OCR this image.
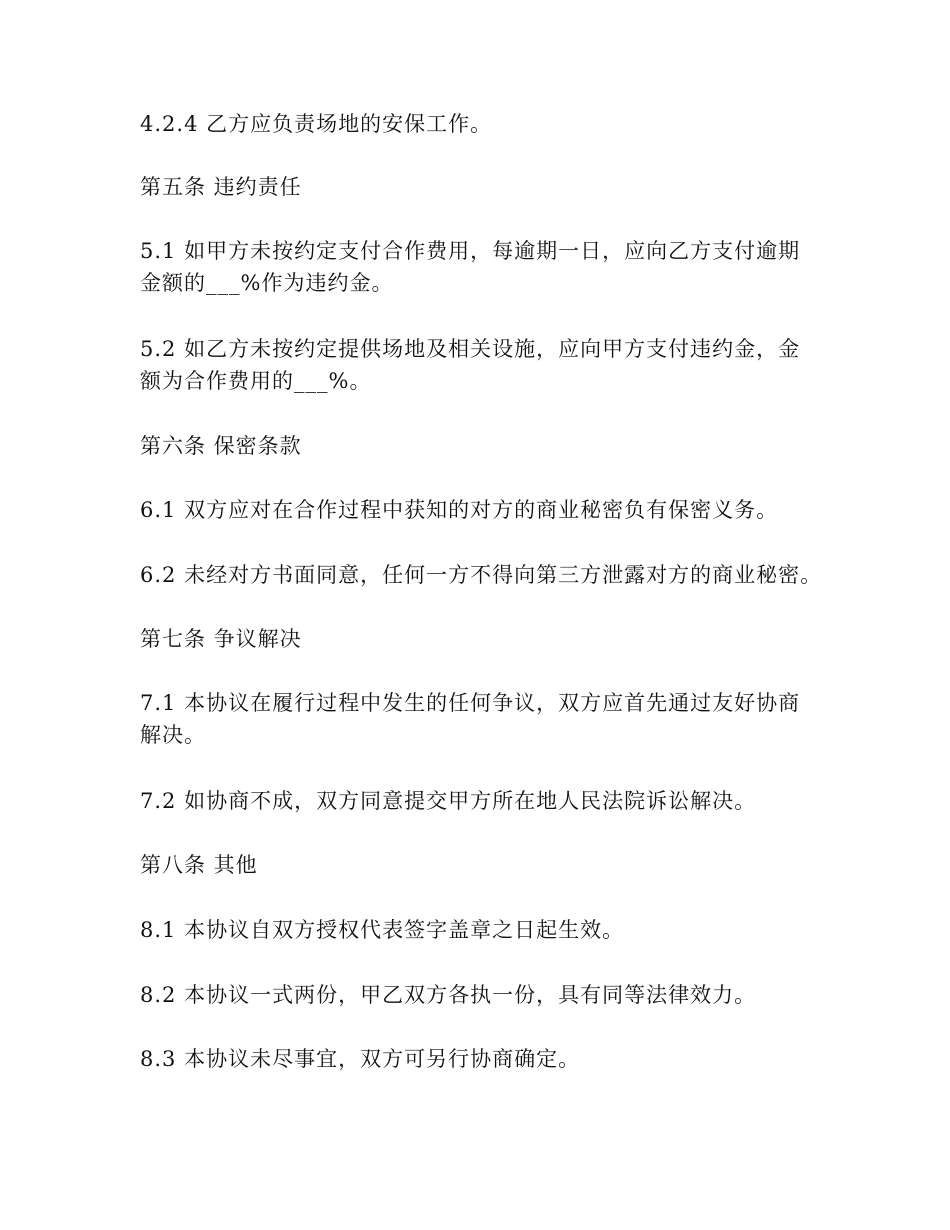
4.2.4 乙方应负责场地的安保工作。
第五条 违约责任
5.1 如甲方未按约定支付合作费用，每逾期一日，应向乙方支付逾期
金额的___%作为违约金。
5.2 如乙方未按约定提供场地及相关设施，应向甲方支付违约金，金
额为合作费用的___%。
第六条 保密条款
6.1 双方应对在合作过程中获知的对方的商业秘密负有保密义务。
6.2 未经对方书面同意，任何一方不得向第三方泄露对方的商业秘密。
第七条 争议解决
7.1 本协议在履行过程中发生的任何争议，双方应首先通过友好协商
解决。
7.2 如协商不成，双方同意提交甲方所在地人民法院诉讼解决。
第八条 其他
8.1 本协议自双方授权代表签字盖章之日起生效。
8.2 本协议一式两份，甲乙双方各执一份，具有同等法律效力。
8.3 本协议未尽事宜，双方可另行协商确定。
